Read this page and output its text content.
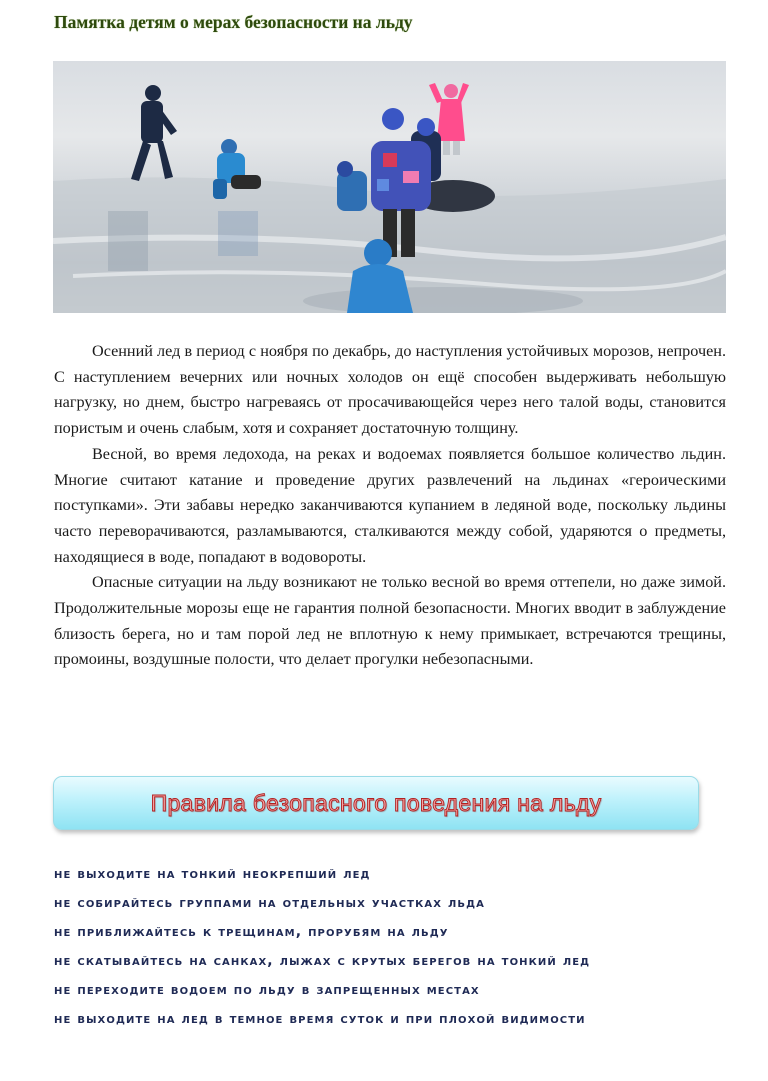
Памятка детям о мерах безопасности на льду

Осенний лед в период с ноября по декабрь, до наступления устойчивых морозов, непрочен. С наступлением вечерних или ночных холодов он ещё способен выдерживать небольшую нагрузку, но днем, быстро нагреваясь от просачивающейся через него талой воды, становится пористым и очень слабым, хотя и сохраняет достаточную толщину.

Весной, во время ледохода, на реках и водоемах появляется большое количество льдин. Многие считают катание и проведение других развлечений на льдинах «героическими поступками». Эти забавы нередко заканчиваются купанием в ледяной воде, поскольку льдины часто переворачиваются, разламываются, сталкиваются между собой, ударяются о предметы, находящиеся в воде, попадают в водовороты.

Опасные ситуации на льду возникают не только весной во время оттепели, но даже зимой. Продолжительные морозы еще не гарантия полной безопасности. Многих вводит в заблуждение близость берега, но и там порой лед не вплотную к нему примыкает, встречаются трещины, промоины, воздушные полости, что делает прогулки небезопасными.

Правила безопасного поведения на льду
не выходите на тонкий неокрепший лед
не собирайтесь группами на отдельных участках льда
не приближайтесь к трещинам, прорубям на льду
не скатывайтесь на санках, лыжах с крутых берегов на тонкий лед
не переходите водоем по льду в запрещенных местах
не выходите на лед в темное время суток и при плохой видимости
